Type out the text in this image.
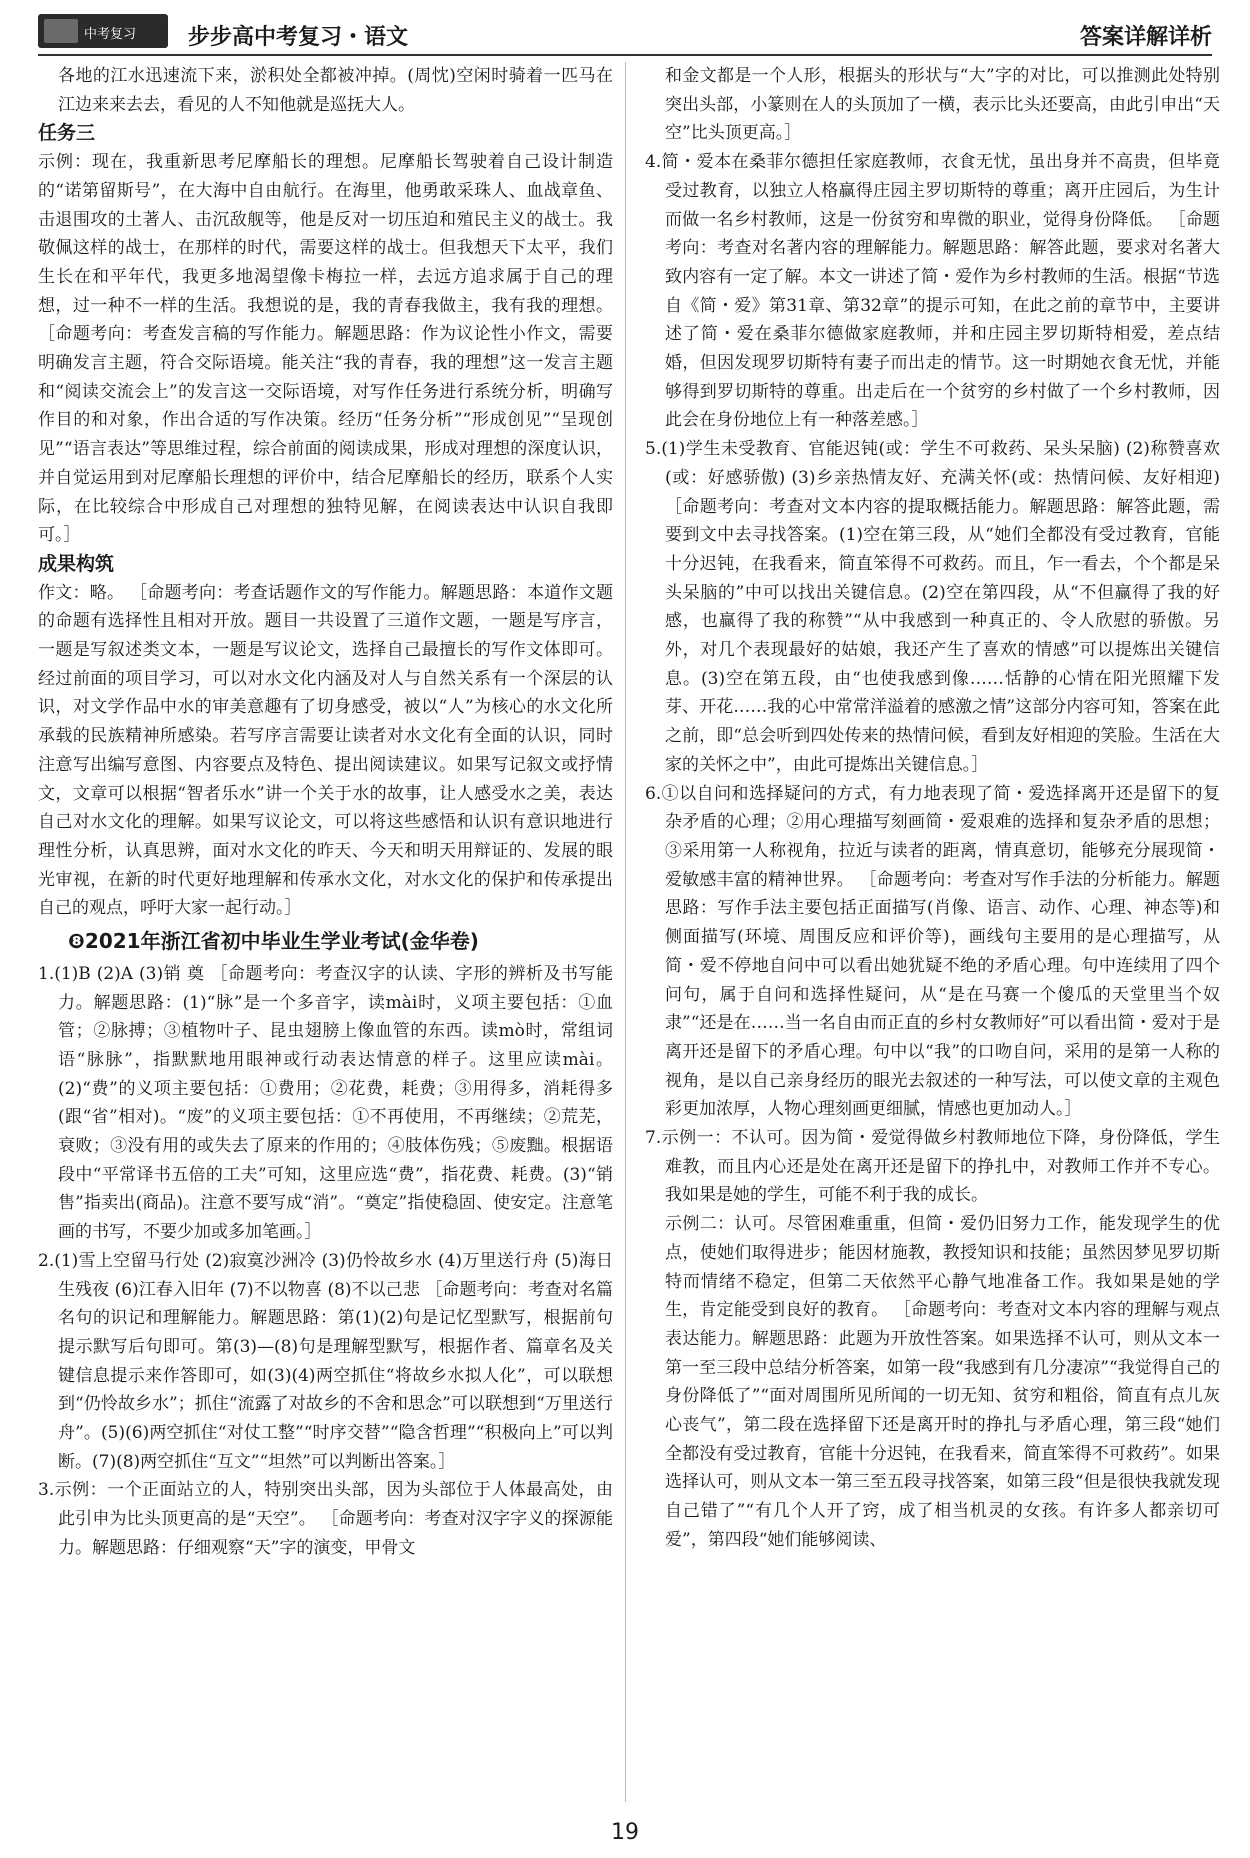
中考复习 步步高中考复习・语文	答案详解详析

各地的江水迅速流下来，淤积处全都被冲掉。(周忱)空闲时骑着一匹马在江边来来去去，看见的人不知他就是巡抚大人。

任务三

示例：现在，我重新思考尼摩船长的理想。尼摩船长驾驶着自己设计制造的“诺第留斯号”，在大海中自由航行。在海里，他勇敢采珠人、血战章鱼、击退围攻的土著人、击沉敌舰等，他是反对一切压迫和殖民主义的战士。我敬佩这样的战士，在那样的时代，需要这样的战士。但我想天下太平，我们生长在和平年代，我更多地渴望像卡梅拉一样，去远方追求属于自己的理想，过一种不一样的生活。我想说的是，我的青春我做主，我有我的理想。 ［命题考向：考查发言稿的写作能力。解题思路：作为议论性小作文，需要明确发言主题，符合交际语境。能关注“我的青春，我的理想”这一发言主题和“阅读交流会上”的发言这一交际语境，对写作任务进行系统分析，明确写作目的和对象，作出合适的写作决策。经历“任务分析”“形成创见”“呈现创见”“语言表达”等思维过程，综合前面的阅读成果，形成对理想的深度认识，并自觉运用到对尼摩船长理想的评价中，结合尼摩船长的经历，联系个人实际，在比较综合中形成自己对理想的独特见解，在阅读表达中认识自我即可。］

成果构筑

作文：略。 ［命题考向：考查话题作文的写作能力。解题思路：本道作文题的命题有选择性且相对开放。题目一共设置了三道作文题，一题是写序言，一题是写叙述类文本，一题是写议论文，选择自己最擅长的写作文体即可。经过前面的项目学习，可以对水文化内涵及对人与自然关系有一个深层的认识，对文学作品中水的审美意趣有了切身感受，被以“人”为核心的水文化所承载的民族精神所感染。若写序言需要让读者对水文化有全面的认识，同时注意写出编写意图、内容要点及特色、提出阅读建议。如果写记叙文或抒情文，文章可以根据“智者乐水”讲一个关于水的故事，让人感受水之美，表达自己对水文化的理解。如果写议论文，可以将这些感悟和认识有意识地进行理性分析，认真思辨，面对水文化的昨天、今天和明天用辩证的、发展的眼光审视，在新的时代更好地理解和传承水文化，对水文化的保护和传承提出自己的观点，呼吁大家一起行动。］

❽2021年浙江省初中毕业生学业考试(金华卷)

1.(1)B (2)A (3)销 奠 ［命题考向：考查汉字的认读、字形的辨析及书写能力。解题思路：(1)“脉”是一个多音字，读mài时，义项主要包括：①血管；②脉搏；③植物叶子、昆虫翅膀上像血管的东西。读mò时，常组词语“脉脉”，指默默地用眼神或行动表达情意的样子。这里应读mài。(2)“费”的义项主要包括：①费用；②花费，耗费；③用得多，消耗得多(跟“省”相对)。“废”的义项主要包括：①不再使用，不再继续；②荒芜，衰败；③没有用的或失去了原来的作用的；④肢体伤残；⑤废黜。根据语段中“平常译书五倍的工夫”可知，这里应选“费”，指花费、耗费。(3)“销售”指卖出(商品)。注意不要写成“消”。“奠定”指使稳固、使安定。注意笔画的书写，不要少加或多加笔画。］

2.(1)雪上空留马行处 (2)寂寞沙洲冷 (3)仍怜故乡水 (4)万里送行舟 (5)海日生残夜 (6)江春入旧年 (7)不以物喜 (8)不以己悲 ［命题考向：考查对名篇名句的识记和理解能力。解题思路：第(1)(2)句是记忆型默写，根据前句提示默写后句即可。第(3)—(8)句是理解型默写，根据作者、篇章名及关键信息提示来作答即可，如(3)(4)两空抓住“将故乡水拟人化”，可以联想到“仍怜故乡水”；抓住“流露了对故乡的不舍和思念”可以联想到“万里送行舟”。(5)(6)两空抓住“对仗工整”“时序交替”“隐含哲理”“积极向上”可以判断。(7)(8)两空抓住“互文”“坦然”可以判断出答案。］

3.示例：一个正面站立的人，特别突出头部，因为头部位于人体最高处，由此引申为比头顶更高的是“天空”。 ［命题考向：考查对汉字字义的探源能力。解题思路：仔细观察“天”字的演变，甲骨文

和金文都是一个人形，根据头的形状与“大”字的对比，可以推测此处特别突出头部，小篆则在人的头顶加了一横，表示比头还要高，由此引申出“天空”比头顶更高。］

4.简・爱本在桑菲尔德担任家庭教师，衣食无忧，虽出身并不高贵，但毕竟受过教育，以独立人格赢得庄园主罗切斯特的尊重；离开庄园后，为生计而做一名乡村教师，这是一份贫穷和卑微的职业，觉得身份降低。 ［命题考向：考查对名著内容的理解能力。解题思路：解答此题，要求对名著大致内容有一定了解。本文一讲述了简・爱作为乡村教师的生活。根据“节选自《简・爱》第31章、第32章”的提示可知，在此之前的章节中，主要讲述了简・爱在桑菲尔德做家庭教师，并和庄园主罗切斯特相爱，差点结婚，但因发现罗切斯特有妻子而出走的情节。这一时期她衣食无忧，并能够得到罗切斯特的尊重。出走后在一个贫穷的乡村做了一个乡村教师，因此会在身份地位上有一种落差感。］

5.(1)学生未受教育、官能迟钝(或：学生不可救药、呆头呆脑) (2)称赞喜欢(或：好感骄傲) (3)乡亲热情友好、充满关怀(或：热情问候、友好相迎) ［命题考向：考查对文本内容的提取概括能力。解题思路：解答此题，需要到文中去寻找答案。(1)空在第三段，从“她们全都没有受过教育，官能十分迟钝，在我看来，简直笨得不可救药。而且，乍一看去，个个都是呆头呆脑的”中可以找出关键信息。(2)空在第四段，从“不但赢得了我的好感，也赢得了我的称赞”“从中我感到一种真正的、令人欣慰的骄傲。另外，对几个表现最好的姑娘，我还产生了喜欢的情感”可以提炼出关键信息。(3)空在第五段，由“也使我感到像……恬静的心情在阳光照耀下发芽、开花……我的心中常常洋溢着的感激之情”这部分内容可知，答案在此之前，即“总会听到四处传来的热情问候，看到友好相迎的笑脸。生活在大家的关怀之中”，由此可提炼出关键信息。］

6.①以自问和选择疑问的方式，有力地表现了简・爱选择离开还是留下的复杂矛盾的心理；②用心理描写刻画简・爱艰难的选择和复杂矛盾的思想；③采用第一人称视角，拉近与读者的距离，情真意切，能够充分展现简・爱敏感丰富的精神世界。 ［命题考向：考查对写作手法的分析能力。解题思路：写作手法主要包括正面描写(肖像、语言、动作、心理、神态等)和侧面描写(环境、周围反应和评价等)，画线句主要用的是心理描写，从简・爱不停地自问中可以看出她犹疑不绝的矛盾心理。句中连续用了四个问句，属于自问和选择性疑问，从“是在马赛一个傻瓜的天堂里当个奴隶”“还是在……当一名自由而正直的乡村女教师好”可以看出简・爱对于是离开还是留下的矛盾心理。句中以“我”的口吻自问，采用的是第一人称的视角，是以自己亲身经历的眼光去叙述的一种写法，可以使文章的主观色彩更加浓厚，人物心理刻画更细腻，情感也更加动人。］

7.示例一：不认可。因为简・爱觉得做乡村教师地位下降，身份降低，学生难教，而且内心还是处在离开还是留下的挣扎中，对教师工作并不专心。我如果是她的学生，可能不利于我的成长。

示例二：认可。尽管困难重重，但简・爱仍旧努力工作，能发现学生的优点，使她们取得进步；能因材施教，教授知识和技能；虽然因梦见罗切斯特而情绪不稳定，但第二天依然平心静气地准备工作。我如果是她的学生，肯定能受到良好的教育。 ［命题考向：考查对文本内容的理解与观点表达能力。解题思路：此题为开放性答案。如果选择不认可，则从文本一第一至三段中总结分析答案，如第一段“我感到有几分凄凉”“我觉得自己的身份降低了”“面对周围所见所闻的一切无知、贫穷和粗俗，简直有点儿灰心丧气”，第二段在选择留下还是离开时的挣扎与矛盾心理，第三段“她们全都没有受过教育，官能十分迟钝，在我看来，简直笨得不可救药”。如果选择认可，则从文本一第三至五段寻找答案，如第三段“但是很快我就发现自己错了”“有几个人开了窍，成了相当机灵的女孩。有许多人都亲切可爱”，第四段“她们能够阅读、

19
